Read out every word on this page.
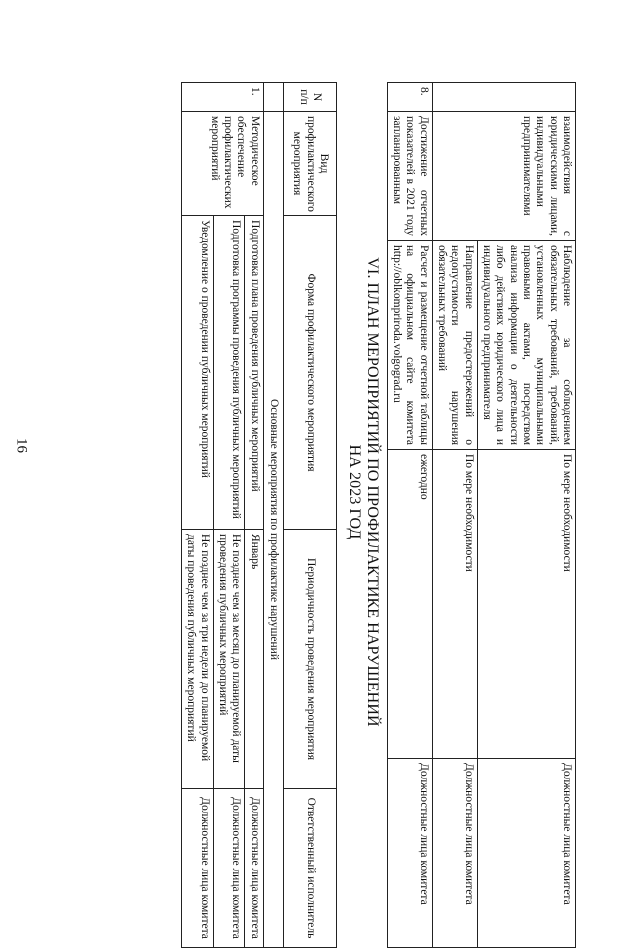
16
	взаимодействия с юридическими лицами, индивидуальными предпринимателями	Наблюдение за соблюдением обязательных требований, требований, установленных муниципальными правовыми актами, посредством анализа информации о деятельности либо действиях юридического лица и индивидуального предпринимателя	По мере необходимости	Должностные лица комитета
		Направление предостережений о недопустимости нарушения обязательных требований	По мере необходимости	Должностные лица комитета
8.	Достижение отчетных показателей в 2021 году запланированным	Расчет и размещение отчетной таблицы на официальном сайте комитета http://oblkompriroda.volgograd.ru	ежегодно	Должностные лица комитета
VI. ПЛАН МЕРОПРИЯТИЙ ПО ПРОФИЛАКТИКЕ НАРУШЕНИЙ
НА 2023 ГОД
N п/п	Вид профилактического мероприятия	Форма профилактического мероприятия	Периодичность проведения мероприятия	Ответственный исполнитель
	Основные мероприятия по профилактике нарушений			
1.	Методическое обеспечение профилактических мероприятий	Подготовка плана проведения публичных мероприятий	Январь	Должностные лица комитета
		Подготовка программы проведения публичных мероприятий	Не позднее чем за месяц до планируемой даты проведения публичных мероприятий	Должностные лица комитета
		Уведомление о проведении публичных мероприятий	Не позднее чем за три недели до планируемой даты проведения публичных мероприятий	Должностные лица комитета
